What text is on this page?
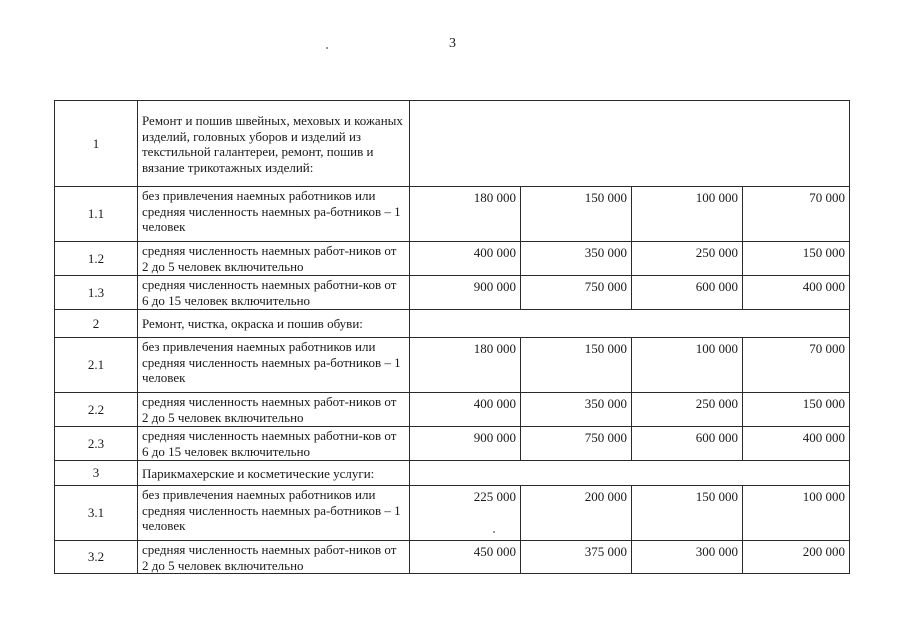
3
1	Ремонт и пошив швейных, меховых и кожаных изделий, головных уборов и изделий из текстильной галантереи, ремонт, пошив и вязание трикотажных изделий:				
1.1	без привлечения наемных работников или средняя численность наемных ра-ботников – 1 человек	180 000	150 000	100 000	70 000
1.2	средняя численность наемных работ-ников от 2 до 5 человек включительно	400 000	350 000	250 000	150 000
1.3	средняя численность наемных работни-ков от 6 до 15 человек включительно	900 000	750 000	600 000	400 000
2	Ремонт, чистка, окраска и пошив обуви:				
2.1	без привлечения наемных работников или средняя численность наемных ра-ботников – 1 человек	180 000	150 000	100 000	70 000
2.2	средняя численность наемных работ-ников от 2 до 5 человек включительно	400 000	350 000	250 000	150 000
2.3	средняя численность наемных работни-ков от 6 до 15 человек включительно	900 000	750 000	600 000	400 000
3	Парикмахерские и косметические услуги:				
3.1	без привлечения наемных работников или средняя численность наемных ра-ботников – 1 человек	225 000	200 000	150 000	100 000
3.2	средняя численность наемных работ-ников от 2 до 5 человек включительно	450 000	375 000	300 000	200 000
